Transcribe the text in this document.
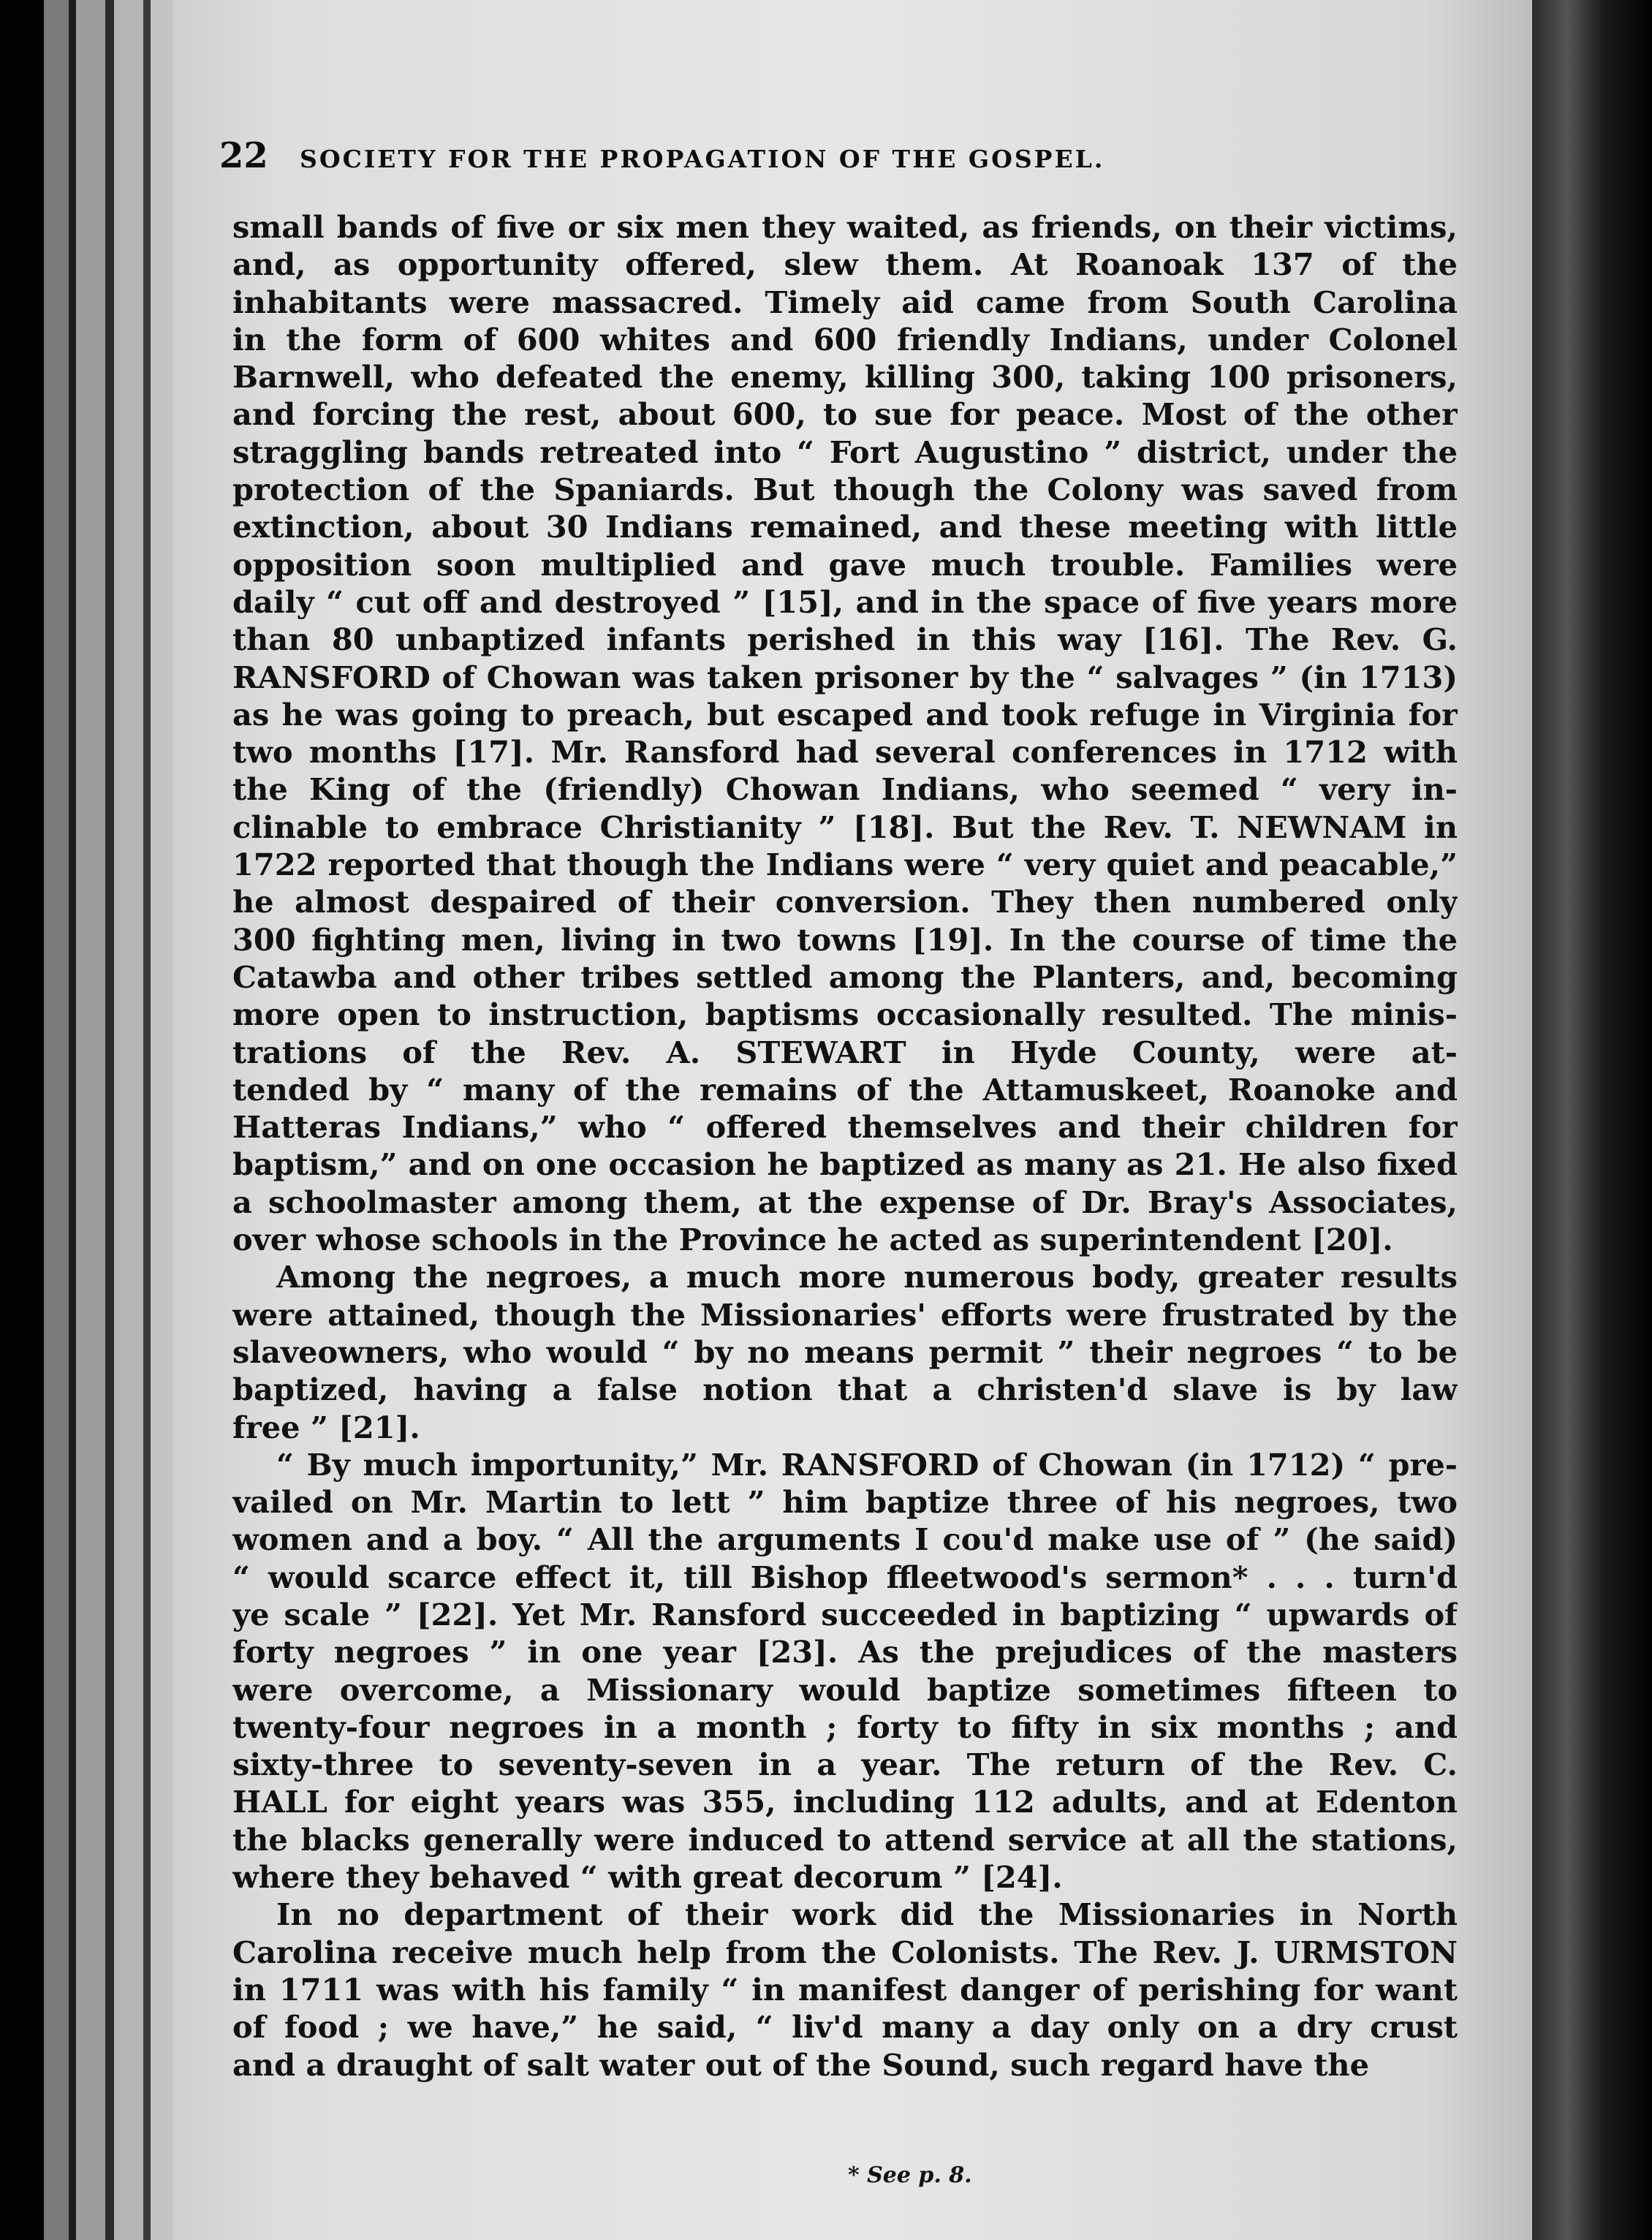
22	SOCIETY FOR THE PROPAGATION OF THE GOSPEL.
small bands of five or six men they waited, as friends, on their victims,
and, as opportunity offered, slew them. At Roanoak 137 of the
inhabitants were massacred. Timely aid came from South Carolina
in the form of 600 whites and 600 friendly Indians, under Colonel
Barnwell, who defeated the enemy, killing 300, taking 100 prisoners,
and forcing the rest, about 600, to sue for peace. Most of the other
straggling bands retreated into “ Fort Augustino ” district, under the
protection of the Spaniards. But though the Colony was saved from
extinction, about 30 Indians remained, and these meeting with little
opposition soon multiplied and gave much trouble. Families were
daily “ cut off and destroyed ” [15], and in the space of five years more
than 80 unbaptized infants perished in this way [16]. The Rev. G.
RANSFORD of Chowan was taken prisoner by the “ salvages ” (in 1713)
as he was going to preach, but escaped and took refuge in Virginia for
two months [17]. Mr. Ransford had several conferences in 1712 with
the King of the (friendly) Chowan Indians, who seemed “ very in-
clinable to embrace Christianity ” [18]. But the Rev. T. NEWNAM in
1722 reported that though the Indians were “ very quiet and peacable,”
he almost despaired of their conversion. They then numbered only
300 fighting men, living in two towns [19]. In the course of time the
Catawba and other tribes settled among the Planters, and, becoming
more open to instruction, baptisms occasionally resulted. The minis-
trations of the Rev. A. STEWART in Hyde County, were at-
tended by “ many of the remains of the Attamuskeet, Roanoke and
Hatteras Indians,” who “ offered themselves and their children for
baptism,” and on one occasion he baptized as many as 21. He also fixed
a schoolmaster among them, at the expense of Dr. Bray's Associates,
over whose schools in the Province he acted as superintendent [20].
Among the negroes, a much more numerous body, greater results
were attained, though the Missionaries' efforts were frustrated by the
slaveowners, who would “ by no means permit ” their negroes “ to be
baptized, having a false notion that a christen'd slave is by law
free ” [21].
“ By much importunity,” Mr. RANSFORD of Chowan (in 1712) “ pre-
vailed on Mr. Martin to lett ” him baptize three of his negroes, two
women and a boy. “ All the arguments I cou'd make use of ” (he said)
“ would scarce effect it, till Bishop ffleetwood's sermon* . . . turn'd
ye scale ” [22]. Yet Mr. Ransford succeeded in baptizing “ upwards of
forty negroes ” in one year [23]. As the prejudices of the masters
were overcome, a Missionary would baptize sometimes fifteen to
twenty-four negroes in a month ; forty to fifty in six months ; and
sixty-three to seventy-seven in a year. The return of the Rev. C.
HALL for eight years was 355, including 112 adults, and at Edenton
the blacks generally were induced to attend service at all the stations,
where they behaved “ with great decorum ” [24].
In no department of their work did the Missionaries in North
Carolina receive much help from the Colonists. The Rev. J. URMSTON
in 1711 was with his family “ in manifest danger of perishing for want
of food ; we have,” he said, “ liv'd many a day only on a dry crust
and a draught of salt water out of the Sound, such regard have the
* See p. 8.
